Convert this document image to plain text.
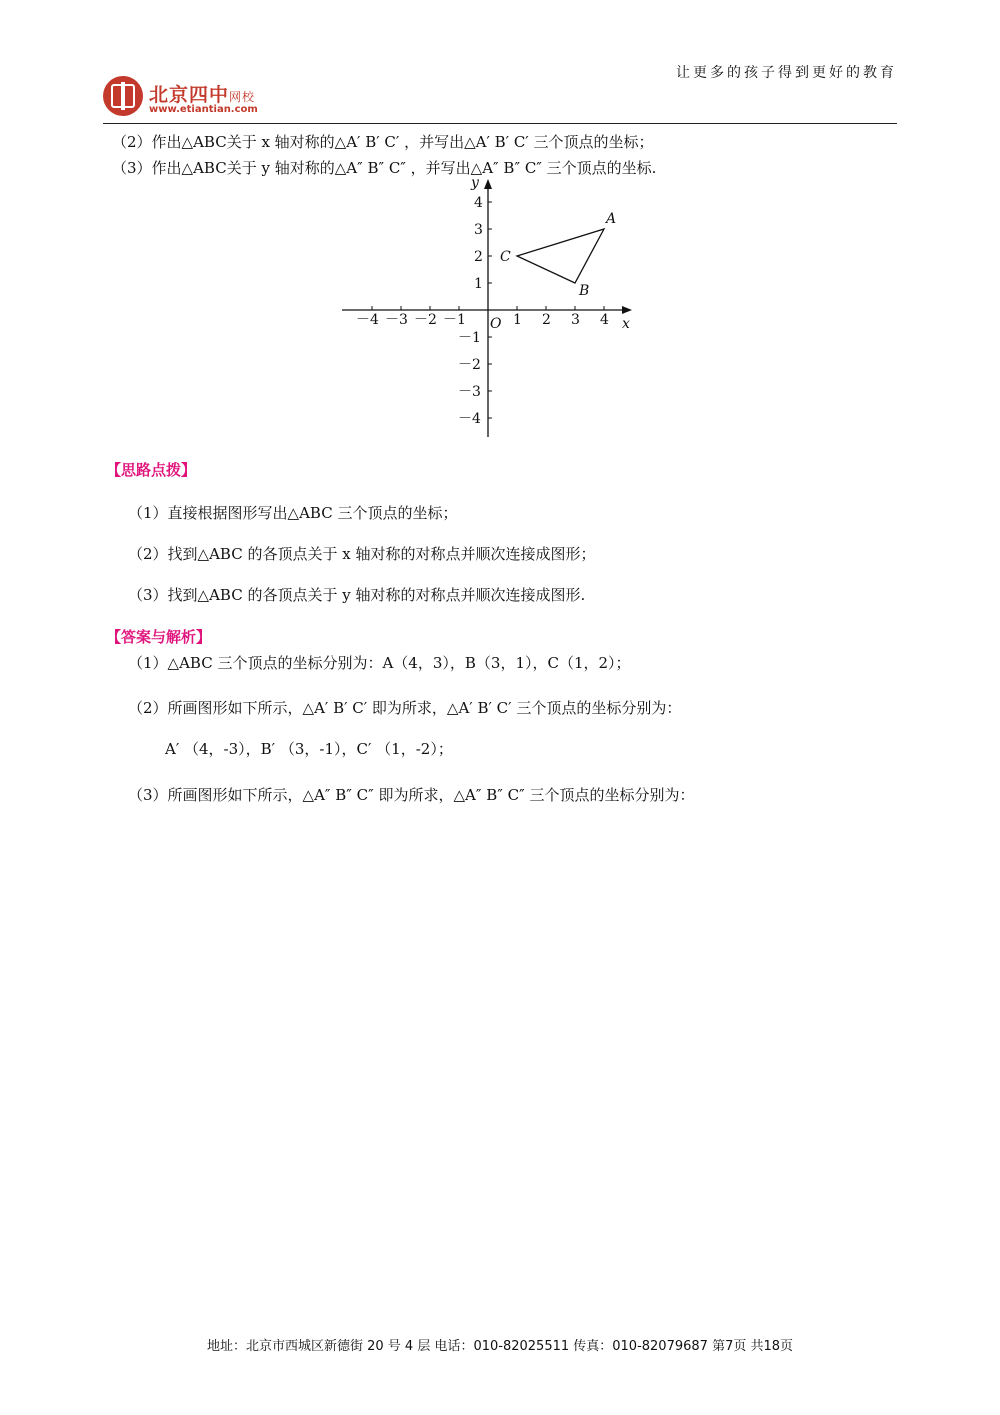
让更多的孩子得到更好的教育
北京四中网校
www.etiantian.com
（2）作出△ABC关于 x 轴对称的△A′ B′ C′ ，并写出△A′ B′ C′ 三个顶点的坐标；
（3）作出△ABC关于 y 轴对称的△A″ B″ C″ ，并写出△A″ B″ C″ 三个顶点的坐标.
x
y
O 1 2 3 4
－4 －3 －2 －1
1
2
3
4
－1
－2
－3
－4
A
B
C
【思路点拨】
（1）直接根据图形写出△ABC 三个顶点的坐标；
（2）找到△ABC 的各顶点关于 x 轴对称的对称点并顺次连接成图形；
（3）找到△ABC 的各顶点关于 y 轴对称的对称点并顺次连接成图形.
【答案与解析】
（1）△ABC 三个顶点的坐标分别为：A（4，3），B（3，1），C（1，2）；
（2）所画图形如下所示，△A′ B′ C′ 即为所求，△A′ B′ C′ 三个顶点的坐标分别为：
A′ （4，-3），B′ （3，-1），C′ （1，-2）；
（3）所画图形如下所示，△A″ B″ C″ 即为所求，△A″ B″ C″ 三个顶点的坐标分别为：
地址：北京市西城区新德街 20 号 4 层 电话：010-82025511 传真：010-82079687 第7页 共18页
